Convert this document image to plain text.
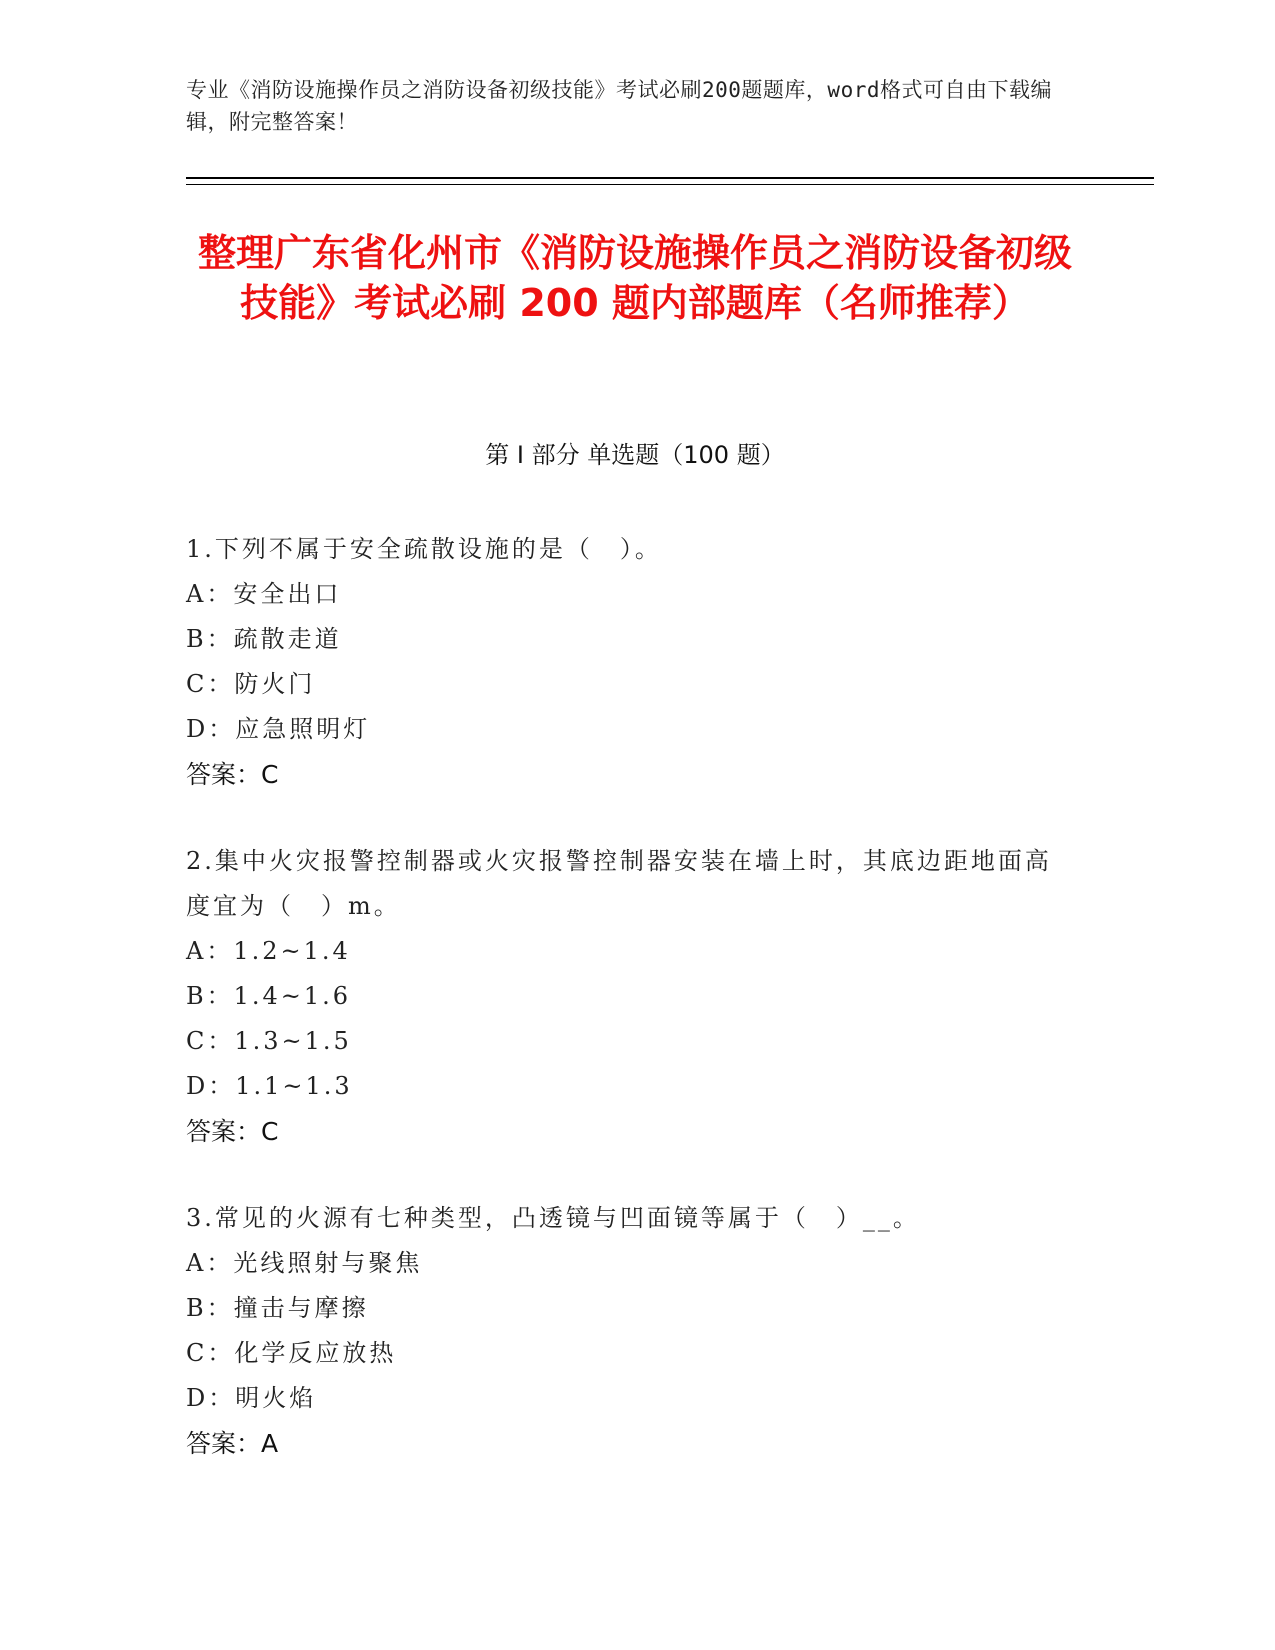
专业《消防设施操作员之消防设备初级技能》考试必刷200题题库，word格式可自由下载编辑，附完整答案！
整理广东省化州市《消防设施操作员之消防设备初级技能》考试必刷 200 题内部题库（名师推荐）
第 I 部分 单选题（100 题）

1.下列不属于安全疏散设施的是（　）。

A：安全出口

B：疏散走道

C：防火门

D：应急照明灯

答案：C

2.集中火灾报警控制器或火灾报警控制器安装在墙上时，其底边距地面高度宜为（　）m。

A：1.2~1.4

B：1.4~1.6

C：1.3~1.5

D：1.1~1.3

答案：C

3.常见的火源有七种类型，凸透镜与凹面镜等属于（　）__。

A：光线照射与聚焦

B：撞击与摩擦

C：化学反应放热

D：明火焰

答案：A
